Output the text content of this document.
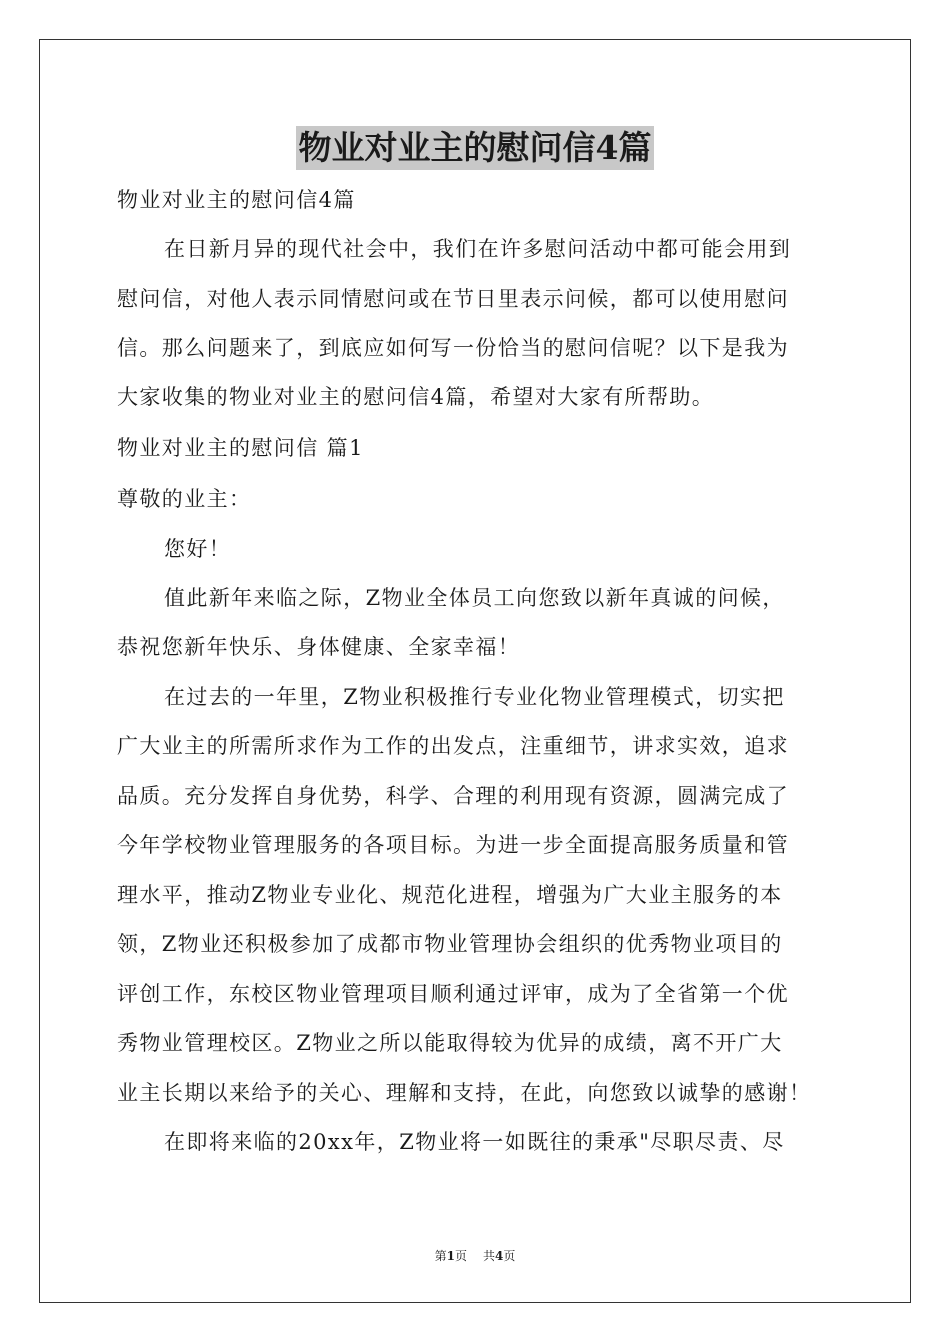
物业对业主的慰问信4篇
物业对业主的慰问信4篇
在日新月异的现代社会中，我们在许多慰问活动中都可能会用到
慰问信，对他人表示同情慰问或在节日里表示问候，都可以使用慰问
信。那么问题来了，到底应如何写一份恰当的慰问信呢？以下是我为
大家收集的物业对业主的慰问信4篇，希望对大家有所帮助。
物业对业主的慰问信 篇1
尊敬的业主：
您好！
值此新年来临之际，Z物业全体员工向您致以新年真诚的问候，
恭祝您新年快乐、身体健康、全家幸福！
在过去的一年里，Z物业积极推行专业化物业管理模式，切实把
广大业主的所需所求作为工作的出发点，注重细节，讲求实效，追求
品质。充分发挥自身优势，科学、合理的利用现有资源，圆满完成了
今年学校物业管理服务的各项目标。为进一步全面提高服务质量和管
理水平，推动Z物业专业化、规范化进程，增强为广大业主服务的本
领，Z物业还积极参加了成都市物业管理协会组织的优秀物业项目的
评创工作，东校区物业管理项目顺利通过评审，成为了全省第一个优
秀物业管理校区。Z物业之所以能取得较为优异的成绩，离不开广大
业主长期以来给予的关心、理解和支持，在此，向您致以诚挚的感谢！
在即将来临的20xx年，Z物业将一如既往的秉承"尽职尽责、尽
第1页 共4页
